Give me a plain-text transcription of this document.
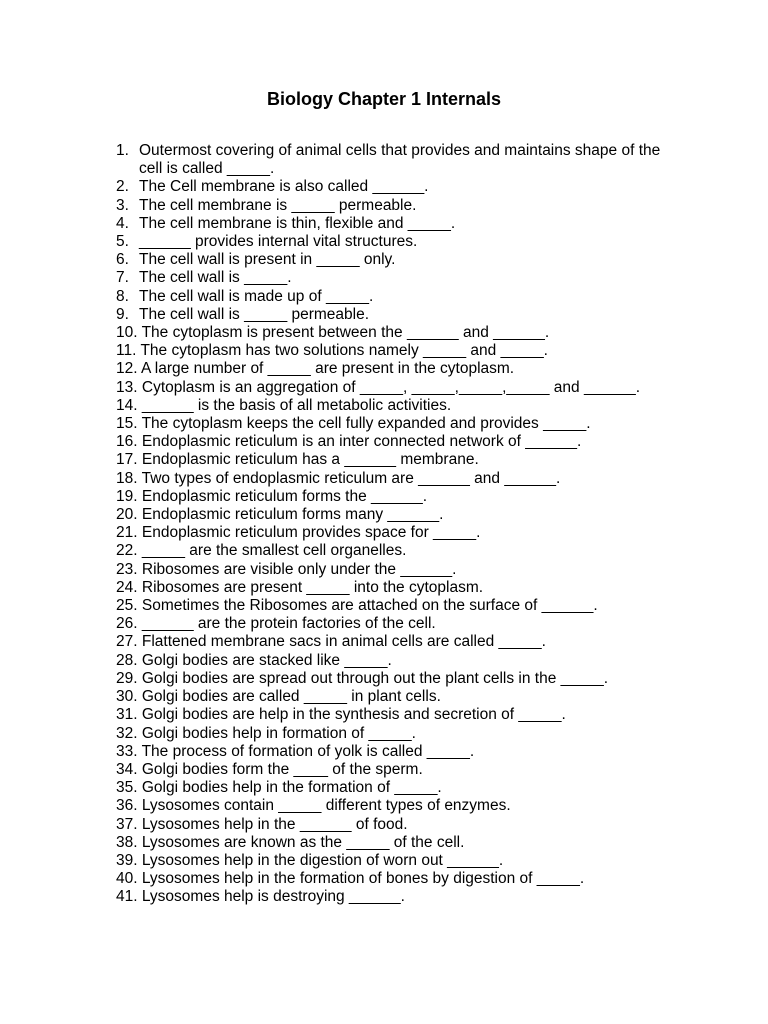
Biology Chapter 1 Internals
1. Outermost covering of animal cells that provides and maintains shape of the cell is called _____.
2. The Cell membrane is also called ______.
3. The cell membrane is _____ permeable.
4. The cell membrane is thin, flexible and _____.
5. ______ provides internal vital structures.
6. The cell wall is present in _____ only.
7. The cell wall is _____.
8. The cell wall is made up of _____.
9. The cell wall is _____ permeable.
10. The cytoplasm is present between the ______ and ______.
11. The cytoplasm has two solutions namely _____ and _____.
12. A large number of _____ are present in the cytoplasm.
13. Cytoplasm is an aggregation of _____, _____,_____,_____ and ______.
14. ______ is the basis of all metabolic activities.
15. The cytoplasm keeps the cell fully expanded and provides _____.
16. Endoplasmic reticulum is an inter connected network of ______.
17. Endoplasmic reticulum has a ______ membrane.
18. Two types of endoplasmic reticulum are ______ and ______.
19. Endoplasmic reticulum forms the ______.
20. Endoplasmic reticulum forms many ______.
21. Endoplasmic reticulum provides space for _____.
22. _____ are the smallest cell organelles.
23. Ribosomes are visible only under the ______.
24. Ribosomes are present _____ into the cytoplasm.
25. Sometimes the Ribosomes are attached on the surface of ______.
26. ______ are the protein factories of the cell.
27. Flattened membrane sacs in animal cells are called _____.
28. Golgi bodies are stacked like _____.
29. Golgi bodies are spread out through out the plant cells in the _____.
30. Golgi bodies are called _____ in plant cells.
31. Golgi bodies are help in the synthesis and secretion of _____.
32. Golgi bodies help in formation of _____.
33. The process of formation of yolk is called _____.
34. Golgi bodies form the ____ of the sperm.
35. Golgi bodies help in the formation of _____.
36. Lysosomes contain _____ different types of enzymes.
37. Lysosomes help in the ______ of food.
38. Lysosomes are known as the _____ of the cell.
39. Lysosomes help in the digestion of worn out ______.
40. Lysosomes help in the formation of bones by digestion of _____.
41. Lysosomes help is destroying ______.
